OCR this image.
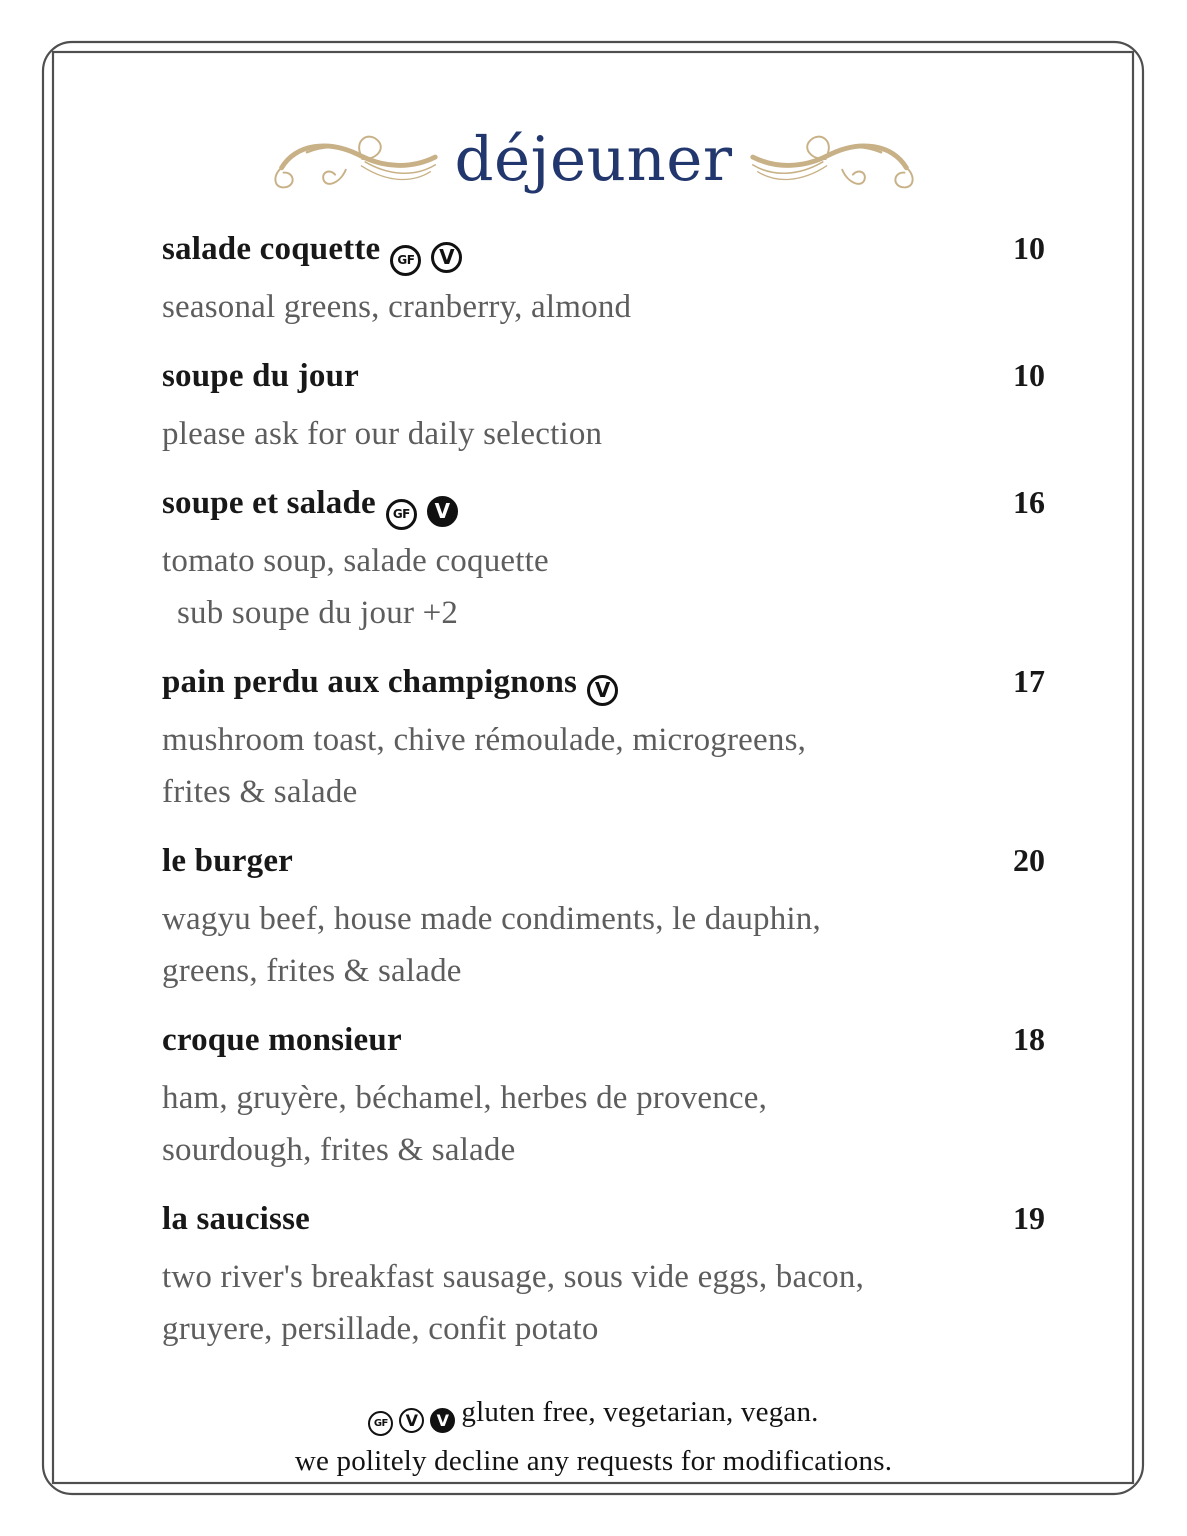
déjeuner
salade coquette GF V	10
seasonal greens, cranberry, almond
soupe du jour	10
please ask for our daily selection
soupe et salade GF V	16
tomato soup, salade coquette
sub soupe du jour +2
pain perdu aux champignons V	17
mushroom toast, chive rémoulade, microgreens,
frites & salade
le burger	20
wagyu beef, house made condiments, le dauphin,
greens, frites & salade
croque monsieur	18
ham, gruyère, béchamel, herbes de provence,
sourdough, frites & salade
la saucisse	19
two river's breakfast sausage, sous vide eggs, bacon,
gruyere, persillade, confit potato
GF V V gluten free, vegetarian, vegan.
we politely decline any requests for modifications.
